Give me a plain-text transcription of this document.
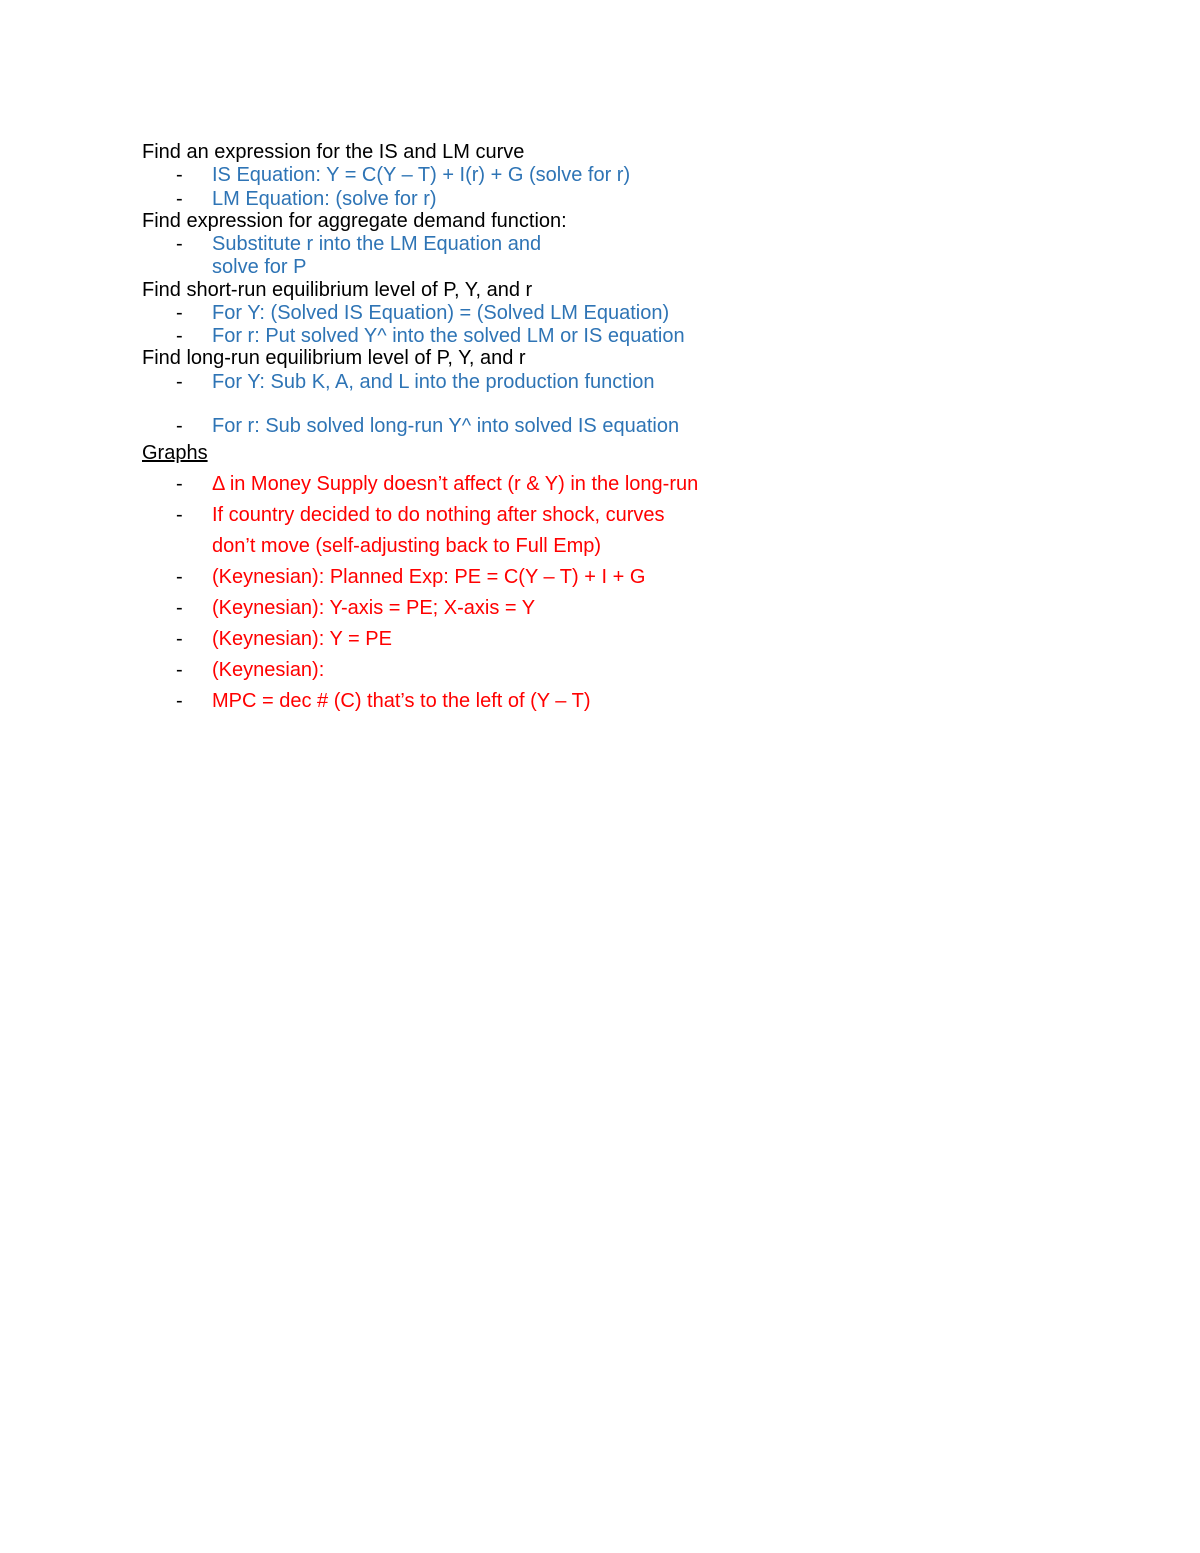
Find an expression for the IS and LM curve
- IS Equation: Y = C(Y – T) + I(r) + G (solve for r)
- LM Equation: (solve for r)
Find expression for aggregate demand function:
- Substitute r into the LM Equation and
solve for P
Find short-run equilibrium level of P, Y, and r
- For Y: (Solved IS Equation) = (Solved LM Equation)
- For r: Put solved Y^ into the solved LM or IS equation
Find long-run equilibrium level of P, Y, and r
- For Y: Sub K, A, and L into the production function
- For r: Sub solved long-run Y^ into solved IS equation
Graphs
- Δ in Money Supply doesn’t affect (r & Y) in the long-run
- If country decided to do nothing after shock, curves
don’t move (self-adjusting back to Full Emp)
- (Keynesian): Planned Exp: PE = C(Y – T) + I + G
- (Keynesian): Y-axis = PE; X-axis = Y
- (Keynesian): Y = PE
- (Keynesian):
- MPC = dec # (C) that’s to the left of (Y – T)
